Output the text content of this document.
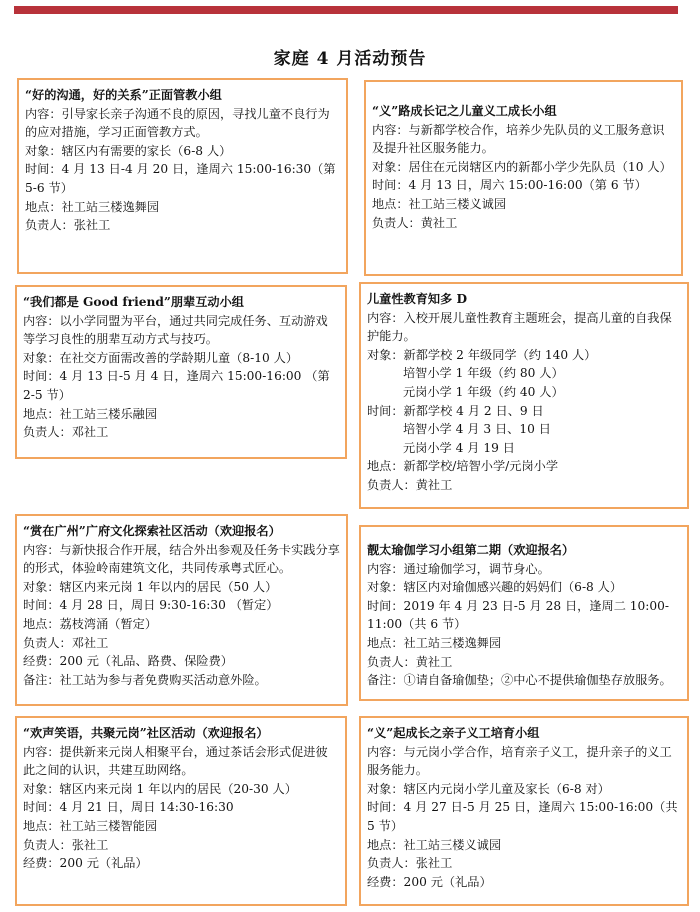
家庭 4 月活动预告

“好的沟通，好的关系”正面管教小组

内容：引导家长亲子沟通不良的原因，寻找儿童不良行为的应对措施，学习正面管教方式。

对象：辖区内有需要的家长（6-8 人）

时间：4 月 13 日-4 月 20 日，逢周六 15:00-16:30（第 5-6 节）

地点：社工站三楼逸舞园

负责人：张社工

“义”路成长记之儿童义工成长小组

内容：与新都学校合作，培养少先队员的义工服务意识及提升社区服务能力。

对象：居住在元岗辖区内的新都小学少先队员（10 人）

时间：4 月 13 日，周六 15:00-16:00（第 6 节）

地点：社工站三楼义诚园

负责人：黄社工

“我们都是 Good friend”朋辈互动小组

内容：以小学同盟为平台，通过共同完成任务、互动游戏等学习良性的朋辈互动方式与技巧。

对象：在社交方面需改善的学龄期儿童（8-10 人）

时间：4 月 13 日-5 月 4 日，逢周六 15:00-16:00 （第 2-5 节）

地点：社工站三楼乐融园

负责人：邓社工

儿童性教育知多 D

内容：入校开展儿童性教育主题班会，提高儿童的自我保护能力。

对象：新都学校 2 年级同学（约 140 人）

培智小学 1 年级（约 80 人）

元岗小学 1 年级（约 40 人）

时间：新都学校 4 月 2 日、9 日

培智小学 4 月 3 日、10 日

元岗小学 4 月 19 日

地点：新都学校/培智小学/元岗小学

负责人：黄社工

“赏在广州”广府文化探索社区活动（欢迎报名）

内容：与新快报合作开展，结合外出参观及任务卡实践分享的形式，体验岭南建筑文化，共同传承粤式匠心。

对象：辖区内来元岗 1 年以内的居民（50 人）

时间：4 月 28 日，周日 9:30-16:30 （暂定）

地点：荔枝湾涌（暂定）

负责人：邓社工

经费：200 元（礼品、路费、保险费）

备注：社工站为参与者免费购买活动意外险。

靓太瑜伽学习小组第二期（欢迎报名）

内容：通过瑜伽学习，调节身心。

对象：辖区内对瑜伽感兴趣的妈妈们（6-8 人）

时间：2019 年 4 月 23 日-5 月 28 日，逢周二 10:00-11:00（共 6 节）

地点：社工站三楼逸舞园

负责人：黄社工

备注：①请自备瑜伽垫；②中心不提供瑜伽垫存放服务。

“欢声笑语，共聚元岗”社区活动（欢迎报名）

内容：提供新来元岗人相聚平台，通过茶话会形式促进彼此之间的认识，共建互助网络。

对象：辖区内来元岗 1 年以内的居民（20-30 人）

时间：4 月 21 日，周日 14:30-16:30

地点：社工站三楼智能园

负责人：张社工

经费：200 元（礼品）

“义”起成长之亲子义工培育小组

内容：与元岗小学合作，培育亲子义工，提升亲子的义工服务能力。

对象：辖区内元岗小学儿童及家长（6-8 对）

时间：4 月 27 日-5 月 25 日，逢周六 15:00-16:00（共 5 节）

地点：社工站三楼义诚园

负责人：张社工

经费：200 元（礼品）
